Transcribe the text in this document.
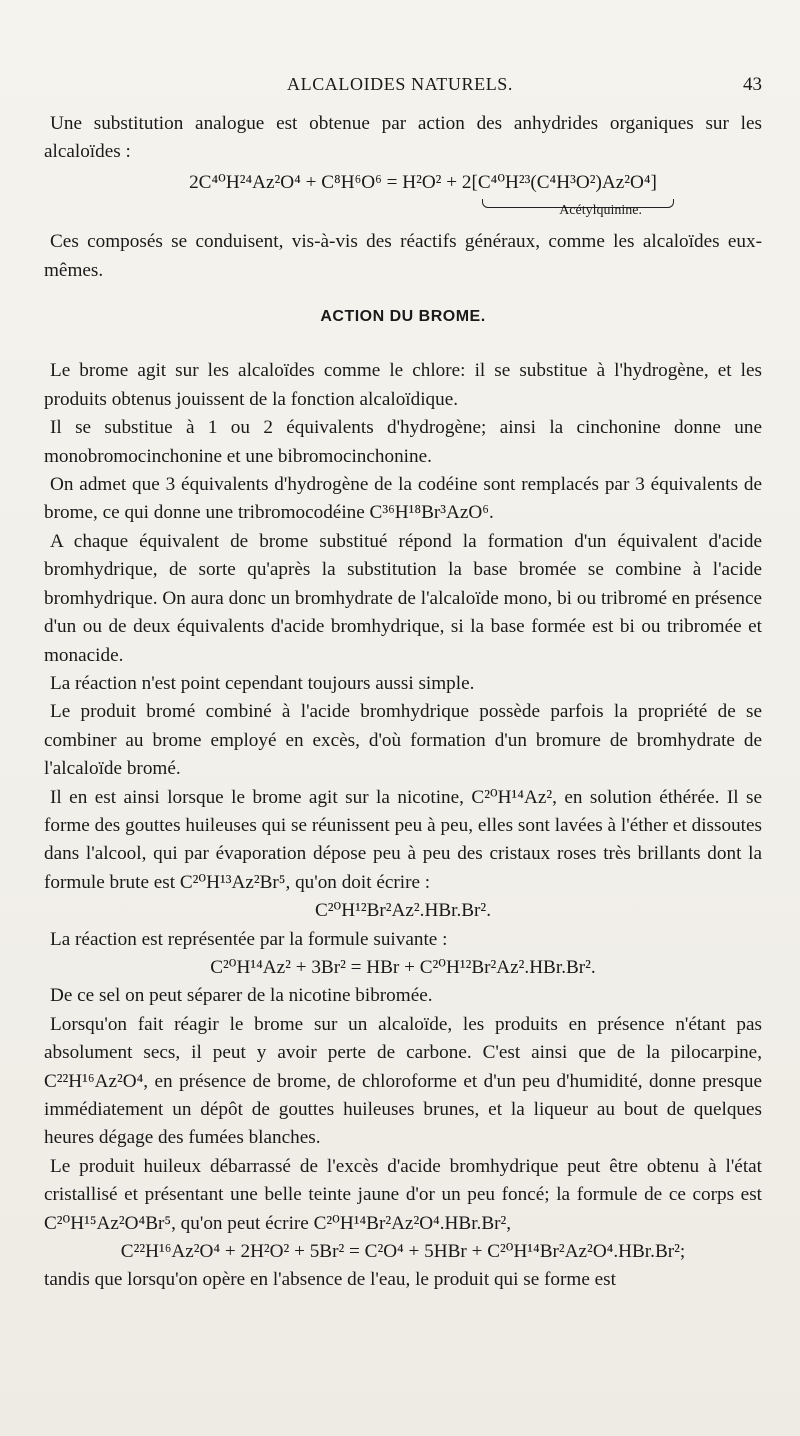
ALCALOIDES NATURELS.	43

Une substitution analogue est obtenue par action des anhydrides organiques sur les alcaloïdes :

2C⁴⁰H²⁴Az²O⁴ + C⁸H⁶O⁶ = H²O² + 2[C⁴⁰H²³(C⁴H³O²)Az²O⁴]
Acétylquinine.

Ces composés se conduisent, vis-à-vis des réactifs généraux, comme les alcaloïdes eux-mêmes.

ACTION DU BROME.

Le brome agit sur les alcaloïdes comme le chlore: il se substitue à l'hydrogène, et les produits obtenus jouissent de la fonction alcaloïdique.

Il se substitue à 1 ou 2 équivalents d'hydrogène; ainsi la cinchonine donne une monobromocinchonine et une bibromocinchonine.

On admet que 3 équivalents d'hydrogène de la codéine sont remplacés par 3 équivalents de brome, ce qui donne une tribromocodéine C³⁶H¹⁸Br³AzO⁶.

A chaque équivalent de brome substitué répond la formation d'un équivalent d'acide bromhydrique, de sorte qu'après la substitution la base bromée se combine à l'acide bromhydrique. On aura donc un bromhydrate de l'alcaloïde mono, bi ou tribromé en présence d'un ou de deux équivalents d'acide bromhydrique, si la base formée est bi ou tribromée et monacide.

La réaction n'est point cependant toujours aussi simple.

Le produit bromé combiné à l'acide bromhydrique possède parfois la propriété de se combiner au brome employé en excès, d'où formation d'un bromure de bromhydrate de l'alcaloïde bromé.

Il en est ainsi lorsque le brome agit sur la nicotine, C²⁰H¹⁴Az², en solution éthérée. Il se forme des gouttes huileuses qui se réunissent peu à peu, elles sont lavées à l'éther et dissoutes dans l'alcool, qui par évaporation dépose peu à peu des cristaux roses très brillants dont la formule brute est C²⁰H¹³Az²Br⁵, qu'on doit écrire :

C²⁰H¹²Br²Az².HBr.Br².

La réaction est représentée par la formule suivante :

C²⁰H¹⁴Az² + 3Br² = HBr + C²⁰H¹²Br²Az².HBr.Br².

De ce sel on peut séparer de la nicotine bibromée.

Lorsqu'on fait réagir le brome sur un alcaloïde, les produits en présence n'étant pas absolument secs, il peut y avoir perte de carbone. C'est ainsi que de la pilocarpine, C²²H¹⁶Az²O⁴, en présence de brome, de chloroforme et d'un peu d'humidité, donne presque immédiatement un dépôt de gouttes huileuses brunes, et la liqueur au bout de quelques heures dégage des fumées blanches.

Le produit huileux débarrassé de l'excès d'acide bromhydrique peut être obtenu à l'état cristallisé et présentant une belle teinte jaune d'or un peu foncé; la formule de ce corps est C²⁰H¹⁵Az²O⁴Br⁵, qu'on peut écrire C²⁰H¹⁴Br²Az²O⁴.HBr.Br²,

C²²H¹⁶Az²O⁴ + 2H²O² + 5Br² = C²O⁴ + 5HBr + C²⁰H¹⁴Br²Az²O⁴.HBr.Br²;

tandis que lorsqu'on opère en l'absence de l'eau, le produit qui se forme est
